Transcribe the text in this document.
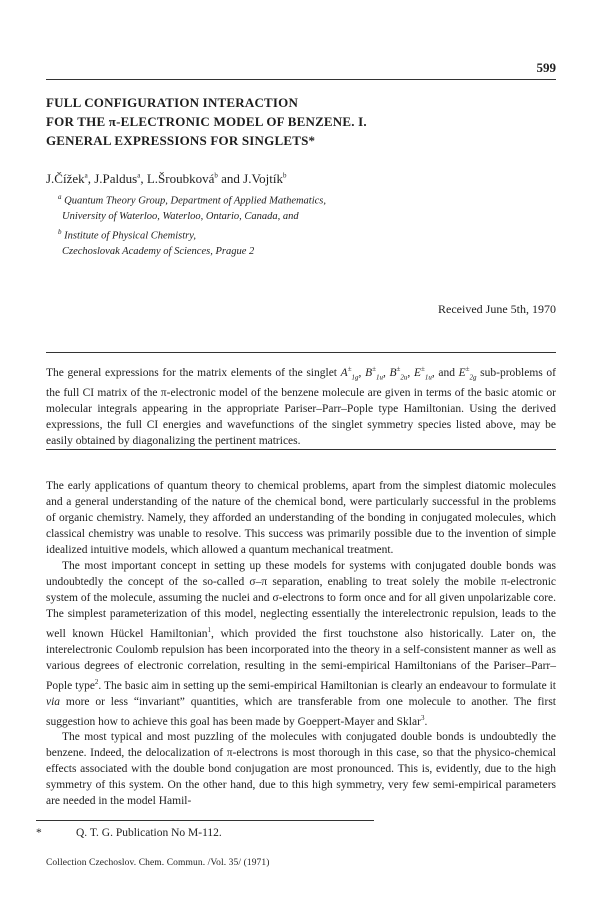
599
FULL CONFIGURATION INTERACTION
FOR THE π-ELECTRONIC MODEL OF BENZENE. I.
GENERAL EXPRESSIONS FOR SINGLETS*
J.Čížek$^a$, J.Paldus$^a$, L.Šroubková$^b$ and J.Vojtík$^b$
$^a$ Quantum Theory Group, Department of Applied Mathematics,
University of Waterloo, Waterloo, Ontario, Canada, and
$^b$ Institute of Physical Chemistry,
Czechoslovak Academy of Sciences, Prague 2
Received June 5th, 1970
The general expressions for the matrix elements of the singlet $A^\pm_{1g}$, $B^\pm_{1u}$, $B^\pm_{2u}$, $E^\pm_{1u}$, and $E^\pm_{2g}$ sub-problems of the full CI matrix of the π-electronic model of the benzene molecule are given in terms of the basic atomic or molecular integrals appearing in the appropriate Pariser–Parr–Pople type Hamiltonian. Using the derived expressions, the full CI energies and wavefunctions of the singlet symmetry species listed above, may be easily obtained by diagonalizing the pertinent matrices.

The early applications of quantum theory to chemical problems, apart from the simplest diatomic molecules and a general understanding of the nature of the chemical bond, were particularly successful in the problems of organic chemistry. Namely, they afforded an understanding of the bonding in conjugated molecules, which classical chemistry was unable to resolve. This success was primarily possible due to the invention of simple idealized intuitive models, which allowed a quantum mechanical treatment.

The most important concept in setting up these models for systems with conjugated double bonds was undoubtedly the concept of the so-called σ–π separation, enabling to treat solely the mobile π-electronic system of the molecule, assuming the nuclei and σ-electrons to form once and for all given unpolarizable core. The simplest parameterization of this model, neglecting essentially the interelectronic repulsion, leads to the well known Hückel Hamiltonian$^1$, which provided the first touchstone also historically. Later on, the interelectronic Coulomb repulsion has been incorporated into the theory in a self-consistent manner as well as various degrees of electronic correlation, resulting in the semi-empirical Hamiltonians of the Pariser–Parr–Pople type$^2$. The basic aim in setting up the semi-empirical Hamiltonian is clearly an endeavour to formulate it via more or less “invariant” quantities, which are transferable from one molecule to another. The first suggestion how to achieve this goal has been made by Goeppert-Mayer and Sklar$^3$.

The most typical and most puzzling of the molecules with conjugated double bonds is undoubtedly the benzene. Indeed, the delocalization of π-electrons is most thorough in this case, so that the physico-chemical effects associated with the double bond conjugation are most pronounced. This is, evidently, due to the high symmetry of this system. On the other hand, due to this high symmetry, very few semi-empirical parameters are needed in the model Hamil-

*	Q. T. G. Publication No M-112.
Collection Czechoslov. Chem. Commun. /Vol. 35/ (1971)
